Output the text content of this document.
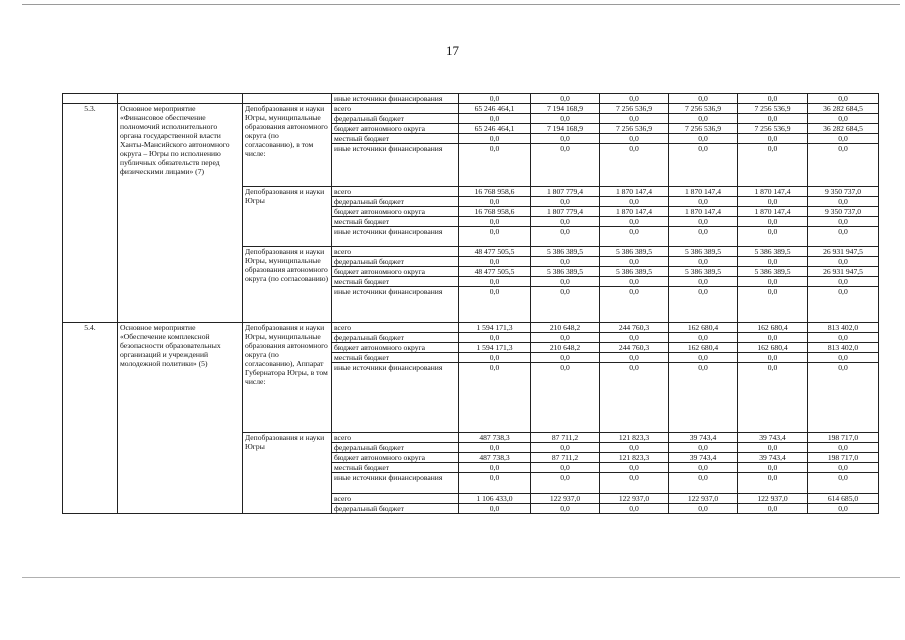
17
			иные источники финансирования	0,0	0,0	0,0	0,0	0,0	0,0
5.3.	Основное мероприятие «Финансовое обеспечение полномочий исполнительного органа государственной власти Ханты-Мансийского автономного округа – Югры по исполнению публичных обязательств перед физическими лицами» (7)	Депобразования и науки Югры, муниципальные образования автономного округа (по согласованию), в том числе:	всего	65 246 464,1	7 194 168,9	7 256 536,9	7 256 536,9	7 256 536,9	36 282 684,5
			федеральный бюджет	0,0	0,0	0,0	0,0	0,0	0,0
			бюджет автономного округа	65 246 464,1	7 194 168,9	7 256 536,9	7 256 536,9	7 256 536,9	36 282 684,5
			местный бюджет	0,0	0,0	0,0	0,0	0,0	0,0
			иные источники финансирования	0,0	0,0	0,0	0,0	0,0	0,0
		Депобразования и науки Югры	всего	16 768 958,6	1 807 779,4	1 870 147,4	1 870 147,4	1 870 147,4	9 350 737,0
			федеральный бюджет	0,0	0,0	0,0	0,0	0,0	0,0
			бюджет автономного округа	16 768 958,6	1 807 779,4	1 870 147,4	1 870 147,4	1 870 147,4	9 350 737,0
			местный бюджет	0,0	0,0	0,0	0,0	0,0	0,0
			иные источники финансирования	0,0	0,0	0,0	0,0	0,0	0,0
		Депобразования и науки Югры, муниципальные образования автономного округа (по согласованию)	всего	48 477 505,5	5 386 389,5	5 386 389,5	5 386 389,5	5 386 389,5	26 931 947,5
			федеральный бюджет	0,0	0,0	0,0	0,0	0,0	0,0
			бюджет автономного округа	48 477 505,5	5 386 389,5	5 386 389,5	5 386 389,5	5 386 389,5	26 931 947,5
			местный бюджет	0,0	0,0	0,0	0,0	0,0	0,0
			иные источники финансирования	0,0	0,0	0,0	0,0	0,0	0,0
5.4.	Основное мероприятие «Обеспечение комплексной безопасности образовательных организаций и учреждений молодежной политики» (5)	Депобразования и науки Югры, муниципальные образования автономного округа (по согласованию), Аппарат Губернатора Югры, в том числе:	всего	1 594 171,3	210 648,2	244 760,3	162 680,4	162 680,4	813 402,0
			федеральный бюджет	0,0	0,0	0,0	0,0	0,0	0,0
			бюджет автономного округа	1 594 171,3	210 648,2	244 760,3	162 680,4	162 680,4	813 402,0
			местный бюджет	0,0	0,0	0,0	0,0	0,0	0,0
			иные источники финансирования	0,0	0,0	0,0	0,0	0,0	0,0
		Депобразования и науки Югры	всего	487 738,3	87 711,2	121 823,3	39 743,4	39 743,4	198 717,0
			федеральный бюджет	0,0	0,0	0,0	0,0	0,0	0,0
			бюджет автономного округа	487 738,3	87 711,2	121 823,3	39 743,4	39 743,4	198 717,0
			местный бюджет	0,0	0,0	0,0	0,0	0,0	0,0
			иные источники финансирования	0,0	0,0	0,0	0,0	0,0	0,0
			всего	1 106 433,0	122 937,0	122 937,0	122 937,0	122 937,0	614 685,0
			федеральный бюджет	0,0	0,0	0,0	0,0	0,0	0,0
